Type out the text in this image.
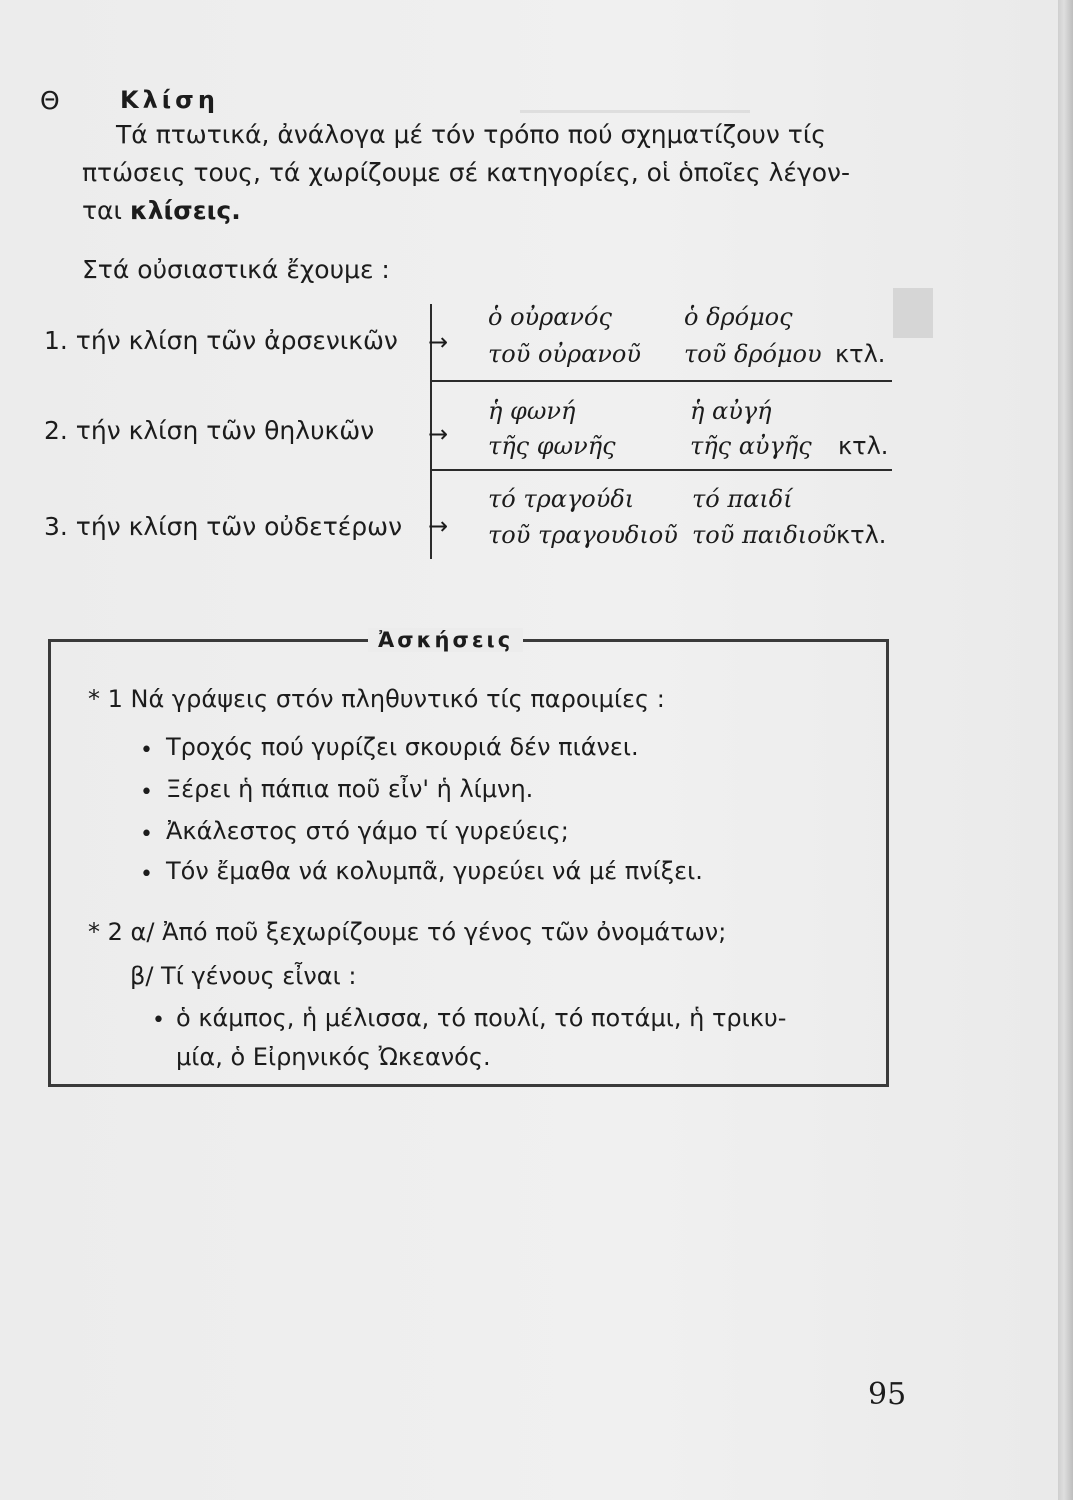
Θ	Κλίση
Τά πτωτικά, ἀνάλογα μέ τόν τρόπο πού σχηματίζουν τίς
πτώσεις τους, τά χωρίζουμε σέ κατηγορίες, οἱ ὁποῖες λέγον-
ται κλίσεις.
Στά οὐσιαστικά ἔχουμε :
1. τήν κλίση τῶν ἀρσενικῶν →
ὁ οὐρανός
τοῦ οὐρανοῦ
ὁ δρόμος
τοῦ δρόμου κτλ.
2. τήν κλίση τῶν θηλυκῶν →
ἡ φωνή
τῆς φωνῆς
ἡ αὐγή
τῆς αὐγῆς κτλ.
3. τήν κλίση τῶν οὐδετέρων →
τό τραγούδι
τοῦ τραγουδιοῦ
τό παιδί
τοῦ παιδιοῦ κτλ.
Ἀσκήσεις
* 1 Νά γράψεις στόν πληθυντικό τίς παροιμίες :
• Τροχός πού γυρίζει σκουριά δέν πιάνει.
• Ξέρει ἡ πάπια ποῦ εἶν' ἡ λίμνη.
• Ἀκάλεστος στό γάμο τί γυρεύεις;
• Τόν ἔμαθα νά κολυμπᾶ, γυρεύει νά μέ πνίξει.
* 2 α/ Ἀπό ποῦ ξεχωρίζουμε τό γένος τῶν ὀνομάτων;
β/ Τί γένους εἶναι :
• ὁ κάμπος, ἡ μέλισσα, τό πουλί, τό ποτάμι, ἡ τρικυ-
μία, ὁ Εἰρηνικός Ὠκεανός.
95
